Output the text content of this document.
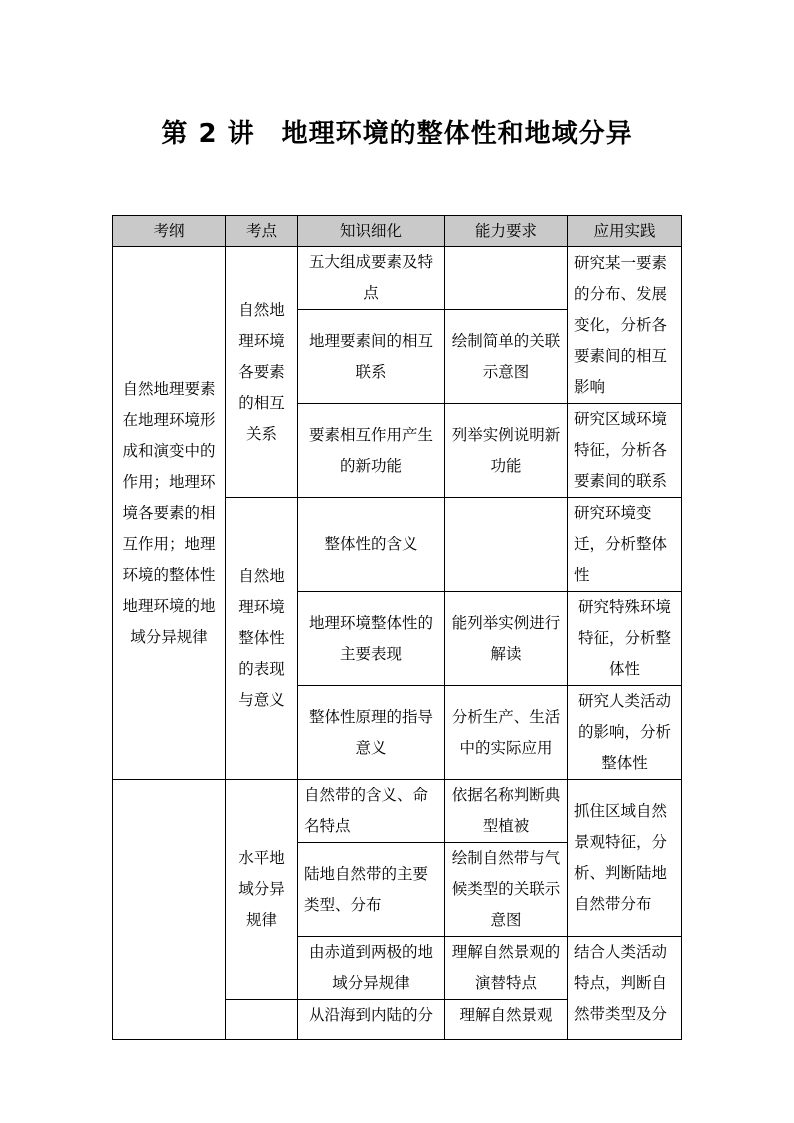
第 2 讲　地理环境的整体性和地域分异
考纲	考点	知识细化	能力要求	应用实践
自然地理要素在地理环境形成和演变中的作用；地理环境各要素的相互作用；地理环境的整体性地理环境的地域分异规律	自然地理环境各要素的相互关系	五大组成要素及特点		研究某一要素的分布、发展变化，分析各要素间的相互影响
		地理要素间的相互联系	绘制简单的关联示意图	
		要素相互作用产生的新功能	列举实例说明新功能	研究区域环境特征，分析各要素间的联系
	自然地理环境整体性的表现与意义	整体性的含义		研究环境变迁，分析整体性
		地理环境整体性的主要表现	能列举实例进行解读	研究特殊环境特征，分析整体性
		整体性原理的指导意义	分析生产、生活中的实际应用	研究人类活动的影响，分析整体性
	水平地域分异规律	自然带的含义、命名特点	依据名称判断典型植被	抓住区域自然景观特征，分析、判断陆地自然带分布
		陆地自然带的主要类型、分布	绘制自然带与气候类型的关联示意图	
		由赤道到两极的地域分异规律	理解自然景观的演替特点	结合人类活动特点，判断自然带类型及分
		从沿海到内陆的分	理解自然景观	
